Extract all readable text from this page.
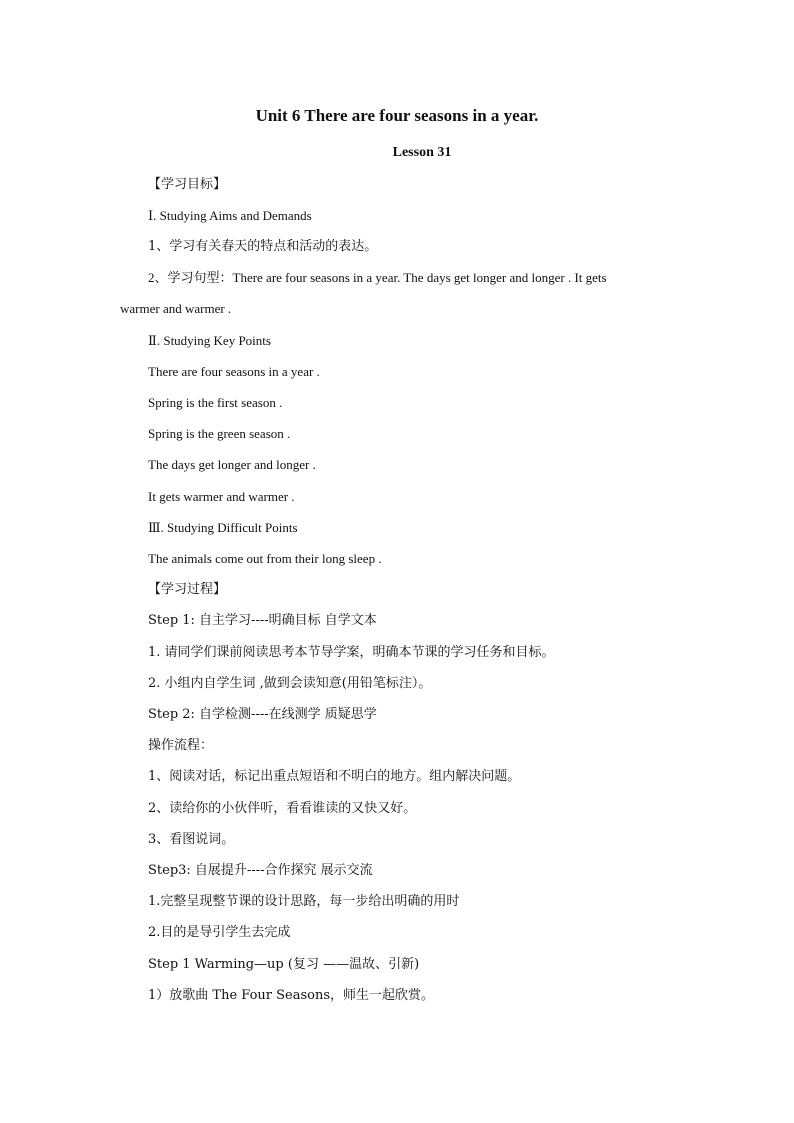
Unit 6 There are four seasons in a year.
Lesson 31
【学习目标】
Ⅰ. Studying Aims and Demands
1、学习有关春天的特点和活动的表达。
2、学习句型：There are four seasons in a year. The days get longer and longer . It gets
warmer and warmer .
Ⅱ. Studying Key Points
There are four seasons in a year .
Spring is the first season .
Spring is the green season .
The days get longer and longer .
It gets warmer and warmer .
Ⅲ. Studying Difficult Points
The animals come out from their long sleep .
【学习过程】
Step 1: 自主学习----明确目标 自学文本
1. 请同学们课前阅读思考本节导学案，明确本节课的学习任务和目标。
2. 小组内自学生词 ,做到会读知意(用铅笔标注）。
Step 2: 自学检测----在线测学 质疑思学
操作流程：
1、阅读对话，标记出重点短语和不明白的地方。组内解决问题。
2、读给你的小伙伴听，看看谁读的又快又好。
3、看图说词。
Step3: 自展提升----合作探究 展示交流
1.完整呈现整节课的设计思路，每一步给出明确的用时
2.目的是导引学生去完成
Step 1 Warming—up (复习 ——温故、引新)
1）放歌曲 The Four Seasons，师生一起欣赏。
